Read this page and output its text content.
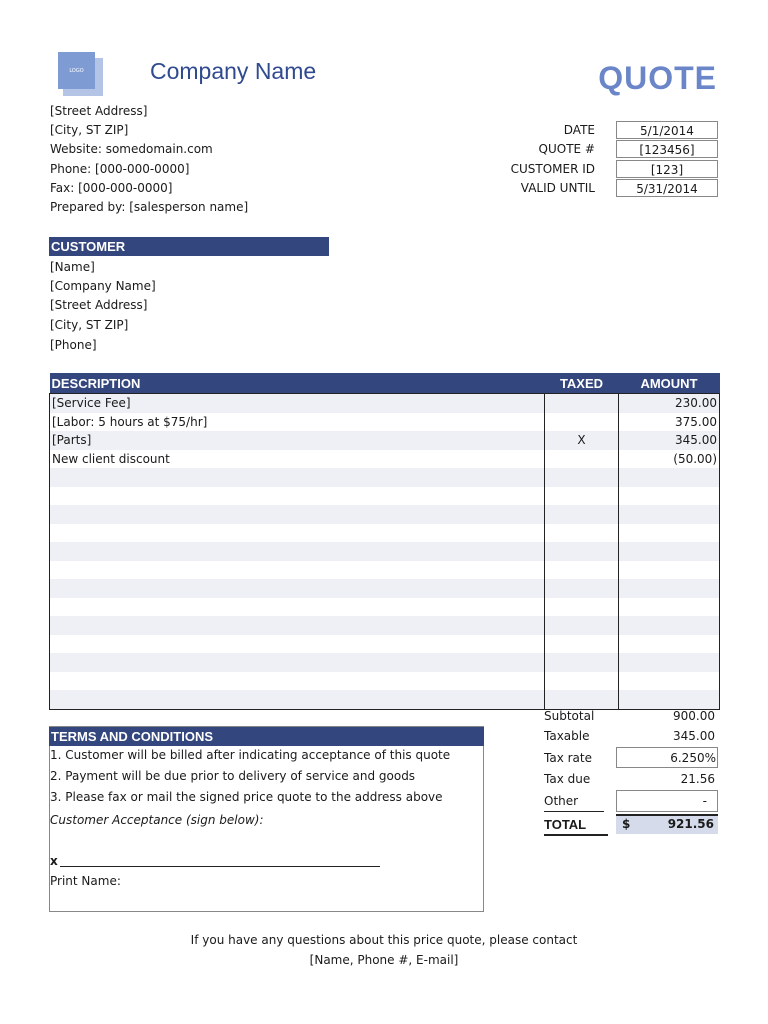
LOGO	Company Name	QUOTE
[Street Address]
[City, ST ZIP]
Website: somedomain.com
Phone: [000-000-0000]
Fax: [000-000-0000]
Prepared by: [salesperson name]
DATE	5/1/2014
QUOTE #	[123456]
CUSTOMER ID	[123]
VALID UNTIL	5/31/2014
CUSTOMER
[Name]
[Company Name]
[Street Address]
[City, ST ZIP]
[Phone]
DESCRIPTION	TAXED	AMOUNT
[Service Fee]		230.00
[Labor: 5 hours at $75/hr]		375.00
[Parts]	X	345.00
New client discount		(50.00)

Subtotal	900.00
Taxable	345.00
Tax rate	6.250%
Tax due	21.56
Other	-
TOTAL	$	921.56
TERMS AND CONDITIONS
1. Customer will be billed after indicating acceptance of this quote
2. Payment will be due prior to delivery of service and goods
3. Please fax or mail the signed price quote to the address above
Customer Acceptance (sign below):
x
Print Name:
If you have any questions about this price quote, please contact
[Name, Phone #, E-mail]
